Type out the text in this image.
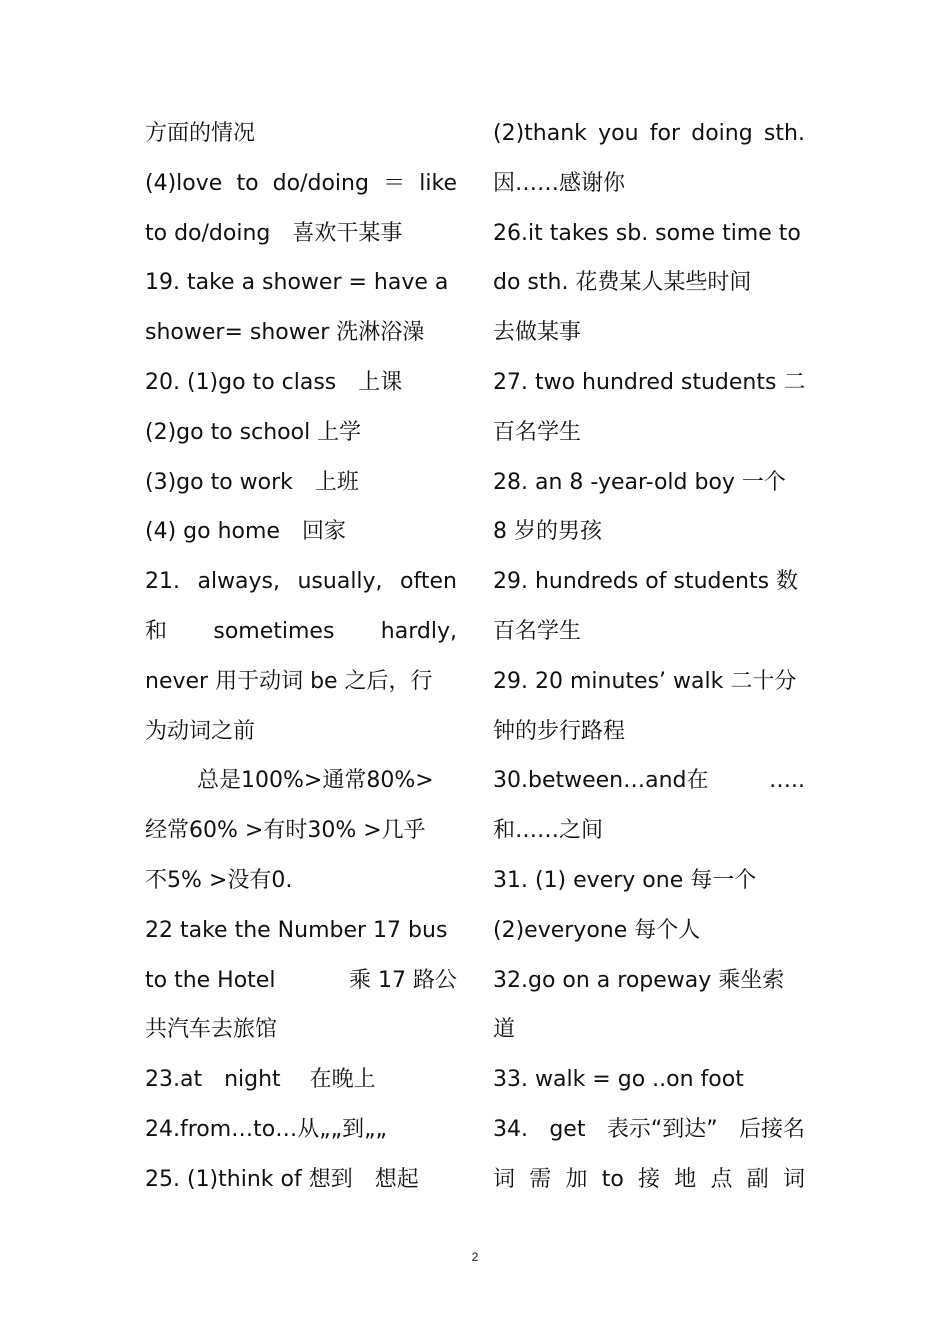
方面的情况
(4)love to do/doing ＝ like
to do/doing　喜欢干某事
19. take a shower = have a
shower= shower 洗淋浴澡
20. (1)go to class　上课
(2)go to school 上学
(3)go to work　上班
(4) go home　回家
21. always, usually, often
和 sometimes hardly,
never 用于动词 be 之后，行
为动词之前
总是100%>通常80%>
经常60% >有时30% >几乎
不5% >没有0.
22 take the Number 17 bus
to the Hotel	乘 17 路公
共汽车去旅馆
23.at　night　 在晚上
24.from…to…从„„到„„
25. (1)think of 想到　想起
(2)thank you for doing sth.
因……感谢你
26.it takes sb. some time to
do sth. 花费某人某些时间
去做某事
27. two hundred students 二
百名学生
28. an 8 -year-old boy 一个
8 岁的男孩
29. hundreds of students 数
百名学生
29. 20 minutes’ walk 二十分
钟的步行路程
30.between…and在	…..
和……之间
31. (1) every one 每一个
(2)everyone 每个人
32.go on a ropeway 乘坐索
道
33. walk = go ..on foot
34. get 表示“到达” 后接名
词 需 加 to 接 地 点 副 词
2
